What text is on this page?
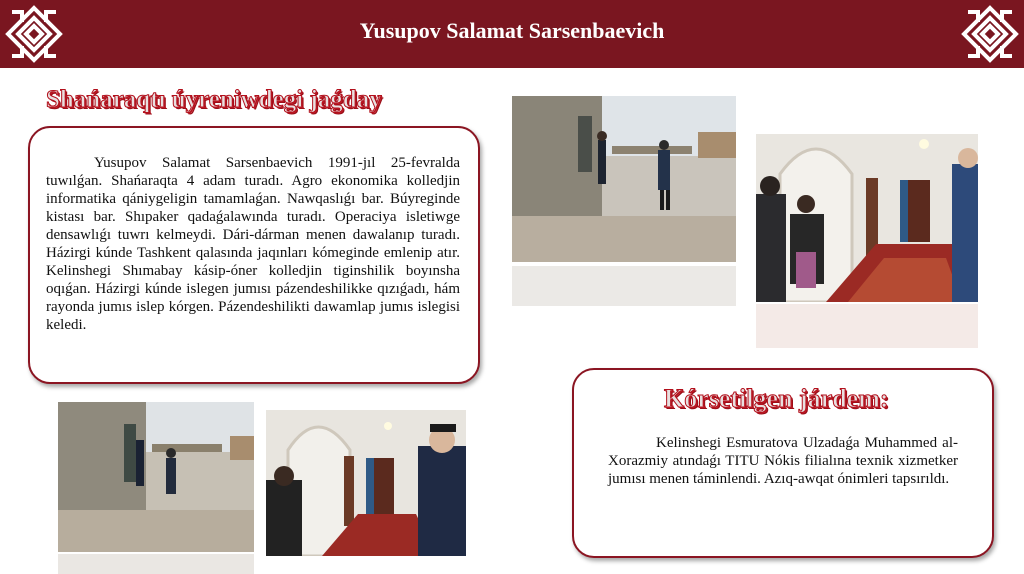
Yusupov Salamat Sarsenbaevich
Shańaraqtı úyreniwdegi jaǵday
Yusupov Salamat Sarsenbaevich 1991-jıl 25-fevralda tuwılǵan. Shańaraqta 4 adam turadı. Agro ekonomika kolledjin informatika qániygeligin tamamlaǵan. Nawqaslıǵı bar. Búyreginde kistası bar. Shıpaker qadaǵalawında turadı. Operaciya isletiwge densawlıǵı tuwrı kelmeydi. Dári-dárman menen dawalanıp turadı. Házirgi kúnde Tashkent qalasında jaqınları kómeginde emlenip atır. Kelinshegi Shımabay kásip-óner kolledjin tiginshilik boyınsha oqıǵan. Házirgi kúnde islegen jumısı pázendeshilikke qızıǵadı, hám rayonda jumıs islep kórgen. Pázendeshilikti dawamlap jumıs islegisi keledi.
Kórsetilgen járdem:
Kelinshegi Esmuratova Ulzadaǵa Muhammed al-Xorazmiy atındaǵı TITU Nókis filialına texnik xizmetker jumısı menen táminlendi. Azıq-awqat ónimleri tapsırıldı.
